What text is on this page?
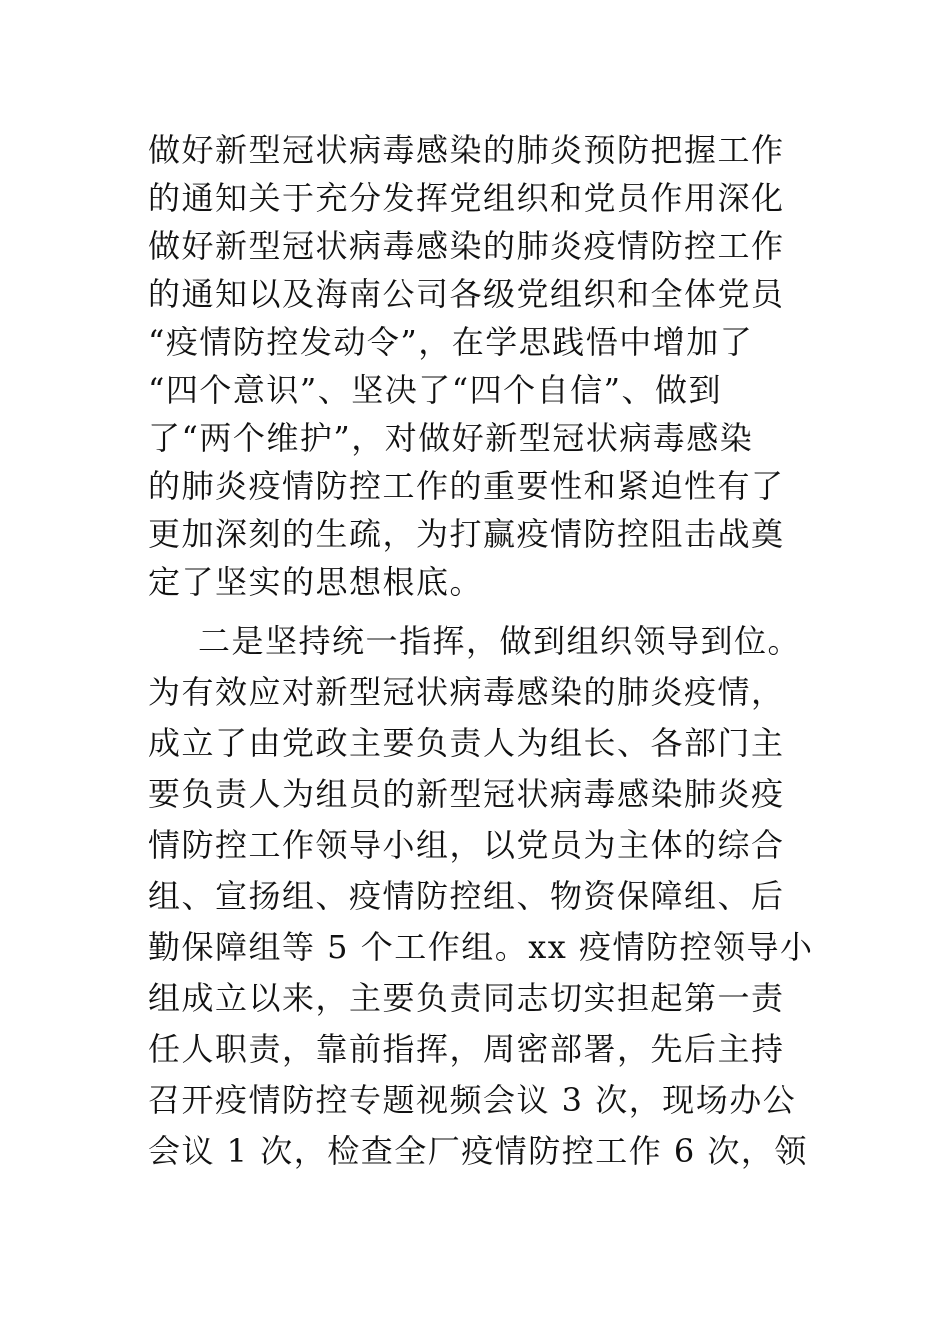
做好新型冠状病毒感染的肺炎预防把握工作
的通知关于充分发挥党组织和党员作用深化
做好新型冠状病毒感染的肺炎疫情防控工作
的通知以及海南公司各级党组织和全体党员
“疫情防控发动令”，在学思践悟中增加了
“四个意识”、坚决了“四个自信”、做到
了“两个维护”，对做好新型冠状病毒感染
的肺炎疫情防控工作的重要性和紧迫性有了
更加深刻的生疏，为打赢疫情防控阻击战奠
定了坚实的思想根底。
二是坚持统一指挥，做到组织领导到位。
为有效应对新型冠状病毒感染的肺炎疫情，
成立了由党政主要负责人为组长、各部门主
要负责人为组员的新型冠状病毒感染肺炎疫
情防控工作领导小组，以党员为主体的综合
组、宣扬组、疫情防控组、物资保障组、后
勤保障组等 5 个工作组。xx 疫情防控领导小
组成立以来，主要负责同志切实担起第一责
任人职责，靠前指挥，周密部署，先后主持
召开疫情防控专题视频会议 3 次，现场办公
会议 1 次，检查全厂疫情防控工作 6 次，领
